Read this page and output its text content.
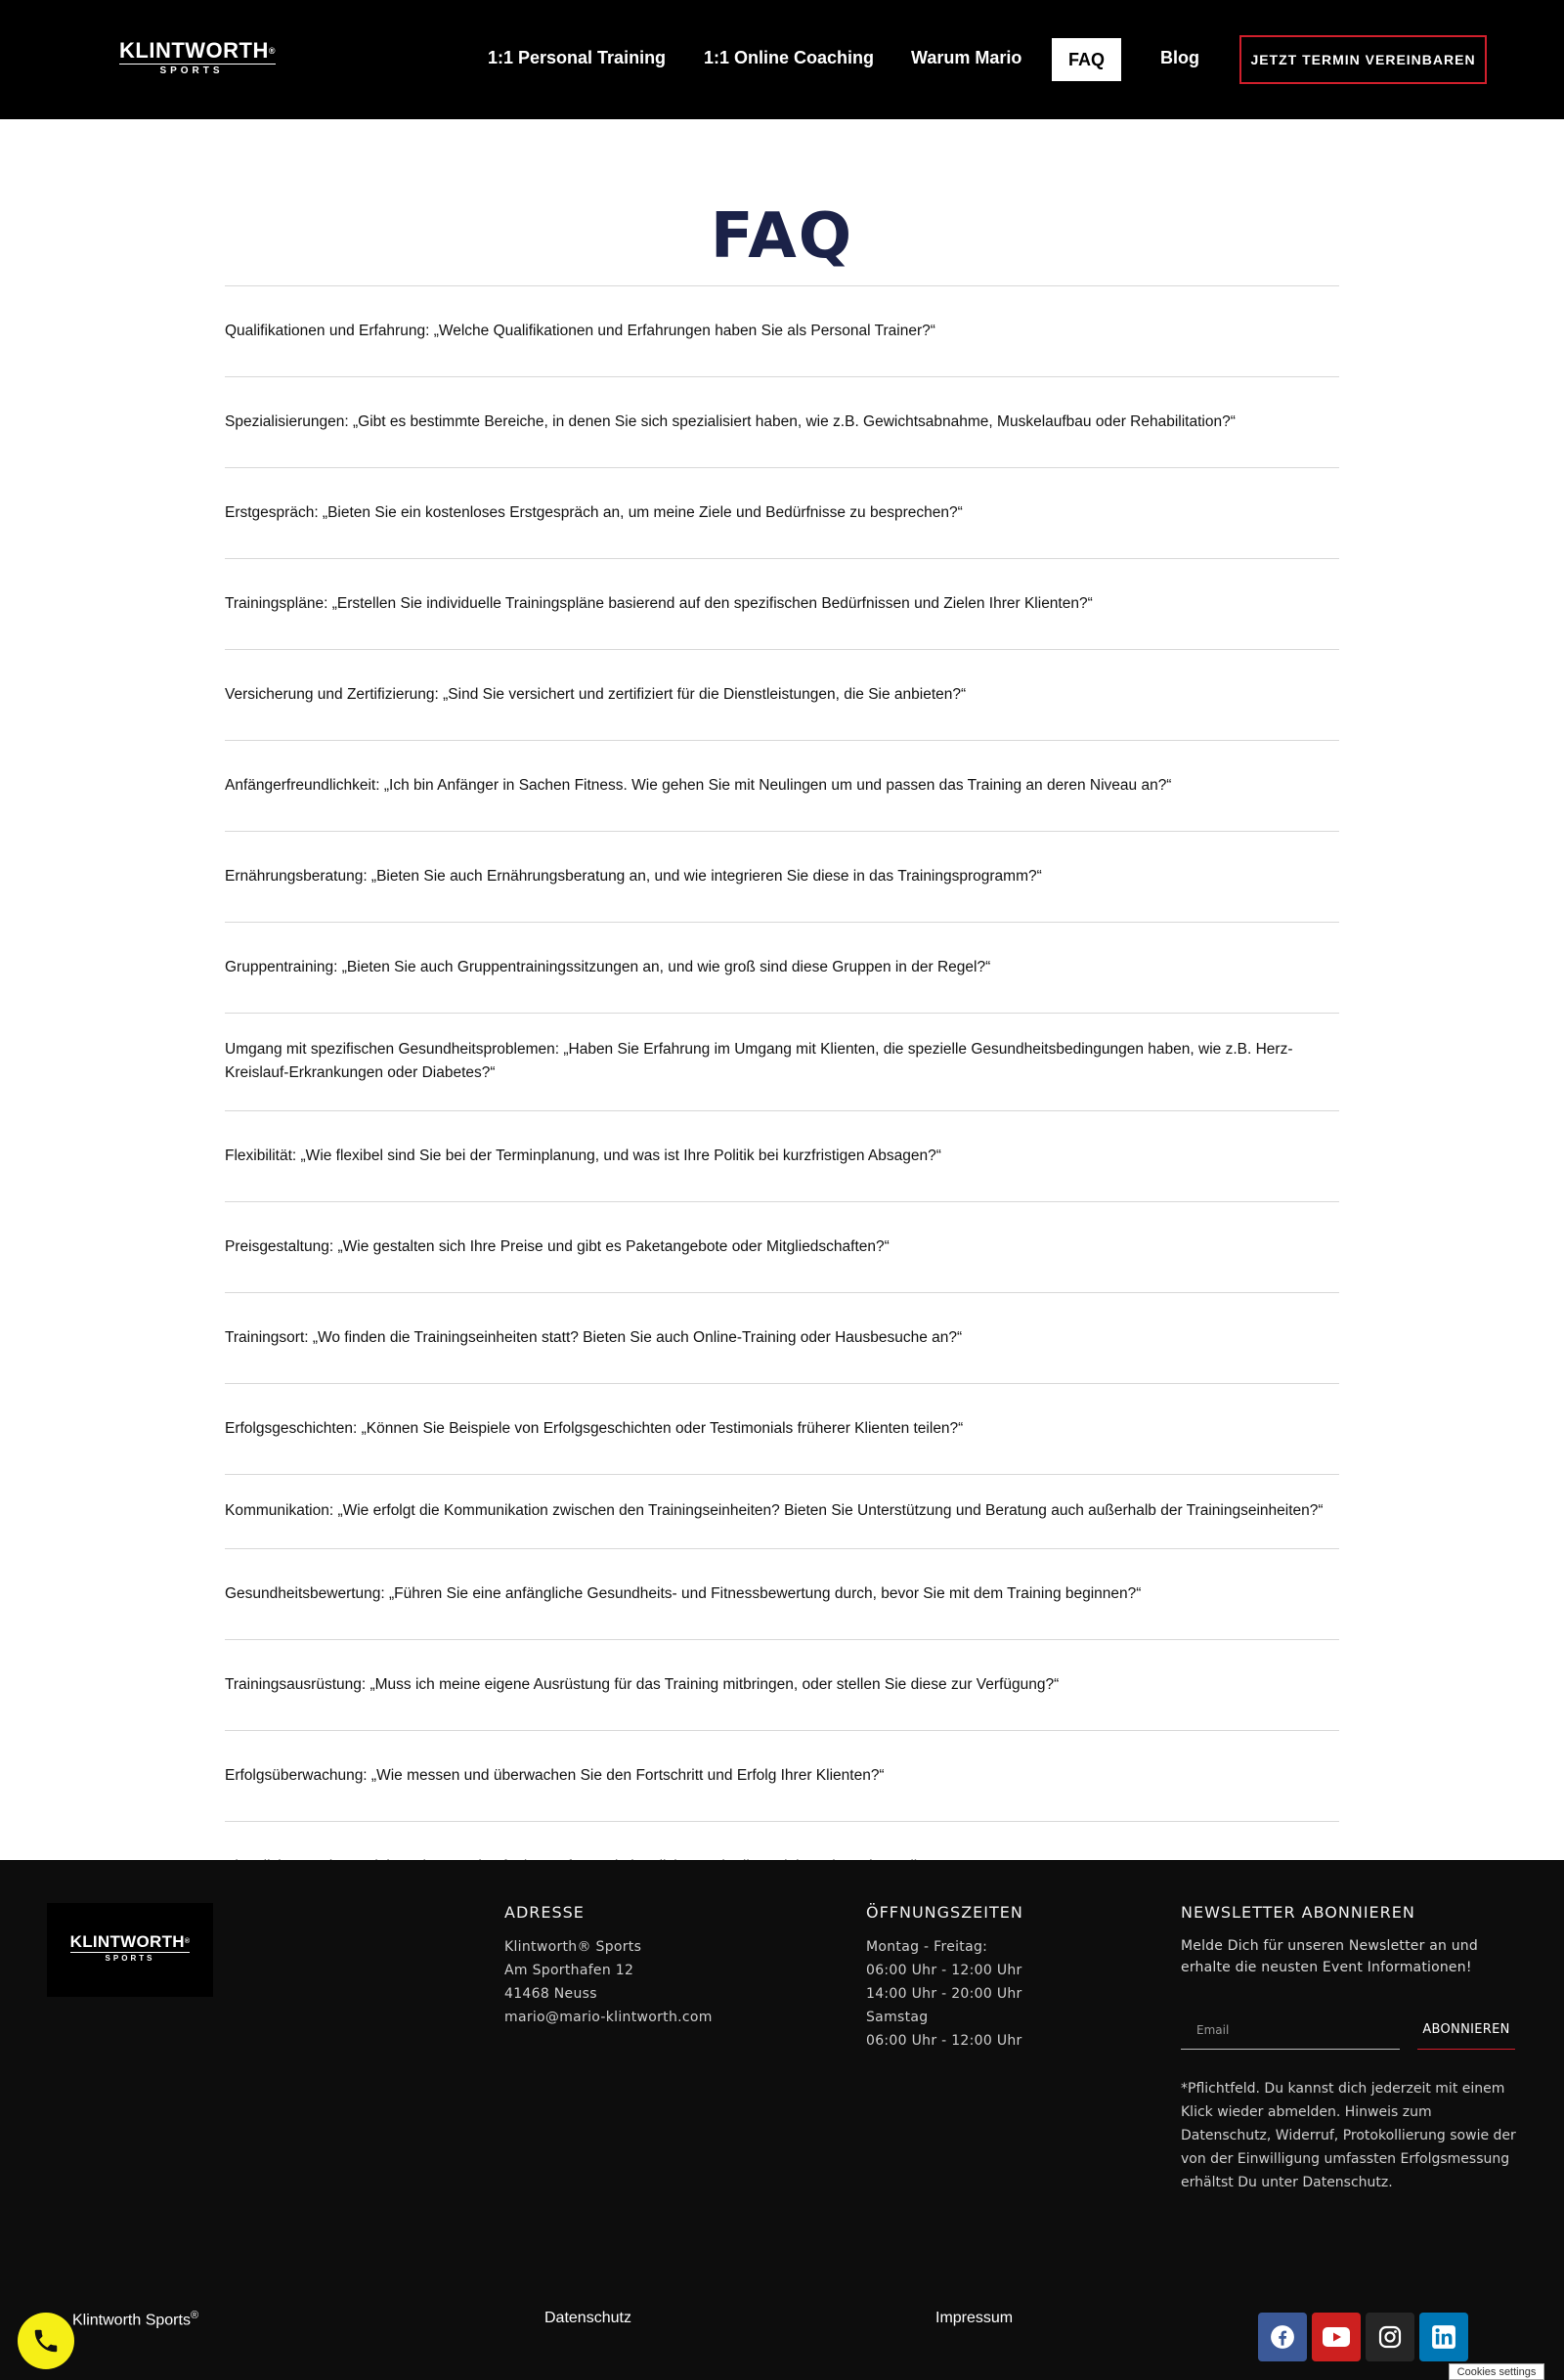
KLINTWORTH®
SPORTS
1:1 Personal Training 1:1 Online Coaching Warum Mario	FAQ	Blog	JETZT TERMIN VEREINBAREN
FAQ
Qualifikationen und Erfahrung: „Welche Qualifikationen und Erfahrungen haben Sie als Personal Trainer?“
Spezialisierungen: „Gibt es bestimmte Bereiche, in denen Sie sich spezialisiert haben, wie z.B. Gewichtsabnahme, Muskelaufbau oder Rehabilitation?“
Erstgespräch: „Bieten Sie ein kostenloses Erstgespräch an, um meine Ziele und Bedürfnisse zu besprechen?“
Trainingspläne: „Erstellen Sie individuelle Trainingspläne basierend auf den spezifischen Bedürfnissen und Zielen Ihrer Klienten?“
Versicherung und Zertifizierung: „Sind Sie versichert und zertifiziert für die Dienstleistungen, die Sie anbieten?“
Anfängerfreundlichkeit: „Ich bin Anfänger in Sachen Fitness. Wie gehen Sie mit Neulingen um und passen das Training an deren Niveau an?“
Ernährungsberatung: „Bieten Sie auch Ernährungsberatung an, und wie integrieren Sie diese in das Trainingsprogramm?“
Gruppentraining: „Bieten Sie auch Gruppentrainingssitzungen an, und wie groß sind diese Gruppen in der Regel?“
Umgang mit spezifischen Gesundheitsproblemen: „Haben Sie Erfahrung im Umgang mit Klienten, die spezielle Gesundheitsbedingungen haben, wie z.B. Herz-Kreislauf-Erkrankungen oder Diabetes?“
Flexibilität: „Wie flexibel sind Sie bei der Terminplanung, und was ist Ihre Politik bei kurzfristigen Absagen?“
Preisgestaltung: „Wie gestalten sich Ihre Preise und gibt es Paketangebote oder Mitgliedschaften?“
Trainingsort: „Wo finden die Trainingseinheiten statt? Bieten Sie auch Online-Training oder Hausbesuche an?“
Erfolgsgeschichten: „Können Sie Beispiele von Erfolgsgeschichten oder Testimonials früherer Klienten teilen?“
Kommunikation: „Wie erfolgt die Kommunikation zwischen den Trainingseinheiten? Bieten Sie Unterstützung und Beratung auch außerhalb der Trainingseinheiten?“
Gesundheitsbewertung: „Führen Sie eine anfängliche Gesundheits- und Fitnessbewertung durch, bevor Sie mit dem Training beginnen?“
Trainingsausrüstung: „Muss ich meine eigene Ausrüstung für das Training mitbringen, oder stellen Sie diese zur Verfügung?“
Erfolgsüberwachung: „Wie messen und überwachen Sie den Fortschritt und Erfolg Ihrer Klienten?“
KLINTWORTH®
SPORTS
ADRESSE
Klintworth® Sports
Am Sporthafen 12
41468 Neuss
mario@mario-klintworth.com
ÖFFNUNGSZEITEN
Montag - Freitag:
06:00 Uhr - 12:00 Uhr
14:00 Uhr - 20:00 Uhr
Samstag
06:00 Uhr - 12:00 Uhr
NEWSLETTER ABONNIEREN
Melde Dich für unseren Newsletter an und erhalte die neusten Event Informationen!
Email
ABONNIEREN
*Pflichtfeld. Du kannst dich jederzeit mit einem Klick wieder abmelden. Hinweis zum Datenschutz, Widerruf, Protokollierung sowie der von der Einwilligung umfassten Erfolgsmessung erhältst Du unter Datenschutz.
Klintworth Sports®	Datenschutz	Impressum
Cookies settings
